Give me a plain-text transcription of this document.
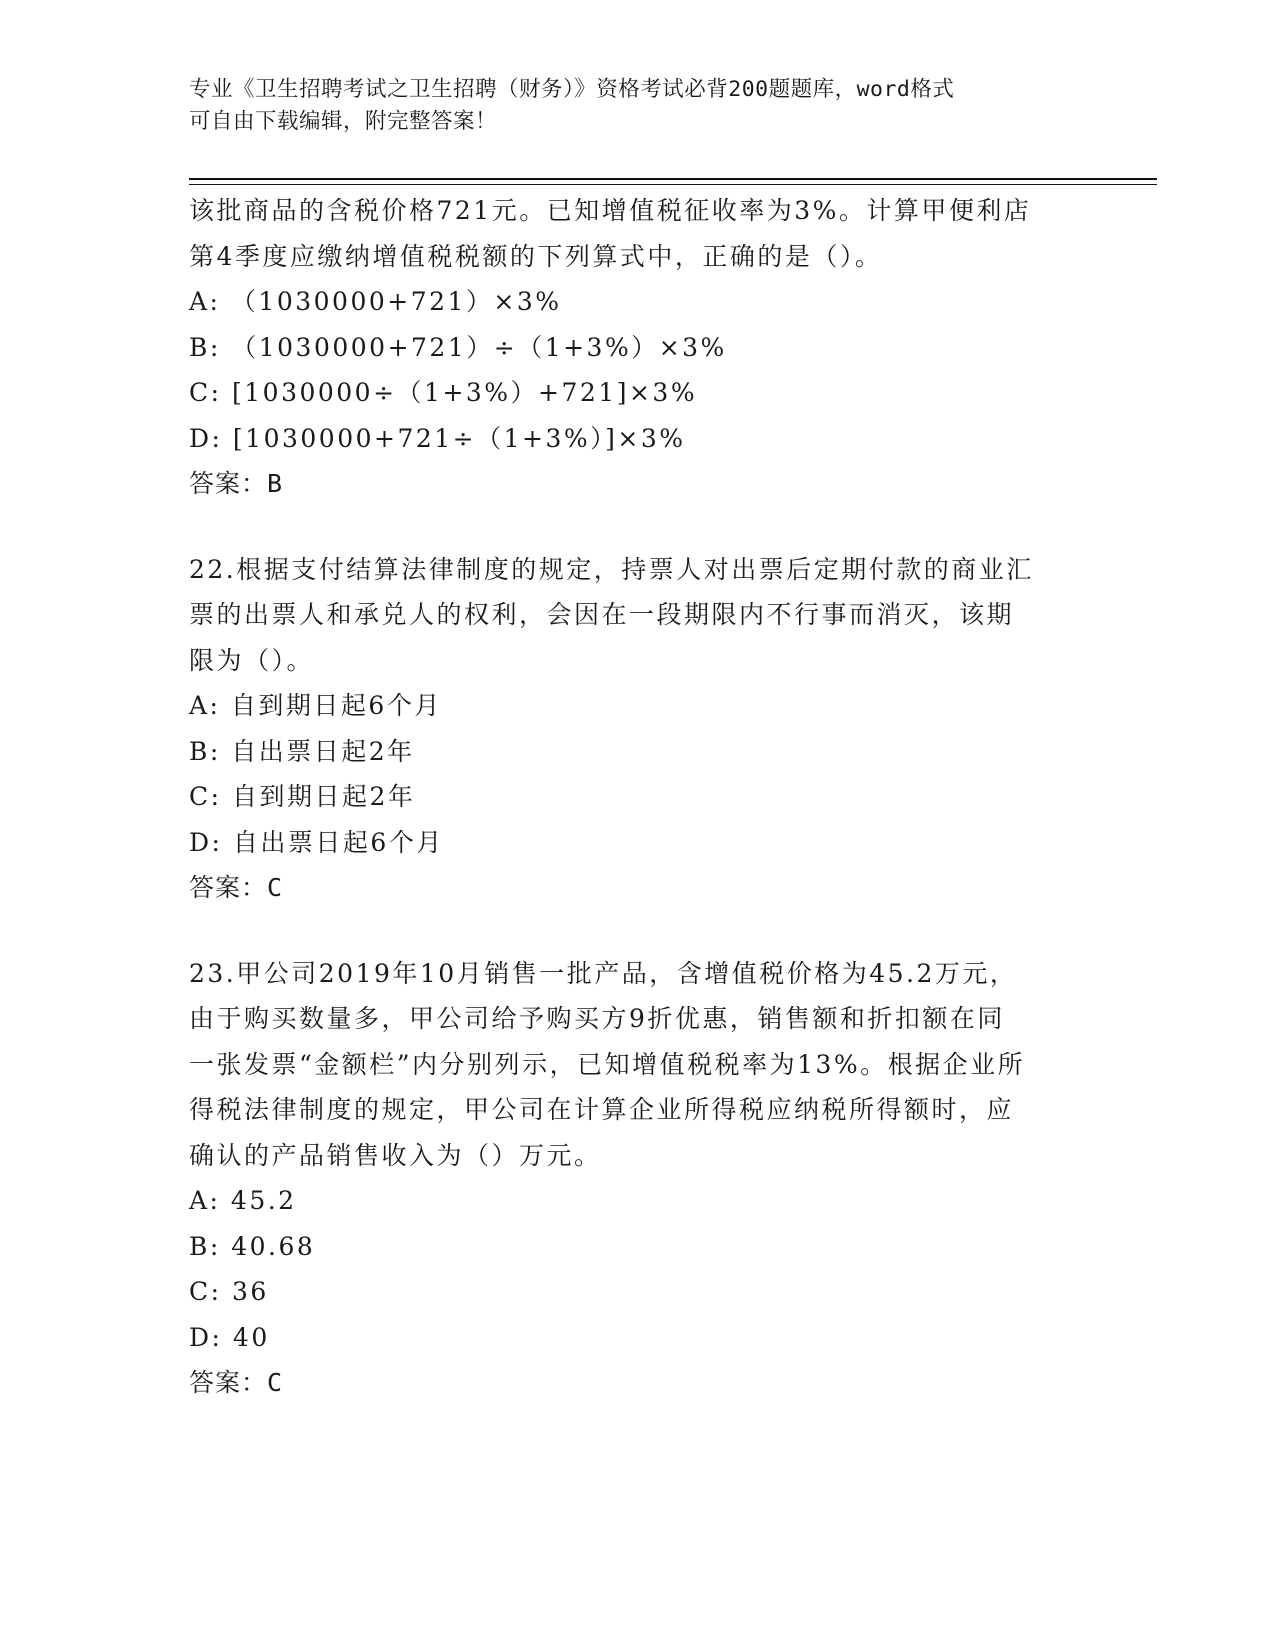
专业《卫生招聘考试之卫生招聘（财务）》资格考试必背200题题库，word格式
可自由下载编辑，附完整答案！
该批商品的含税价格721元。已知增值税征收率为3%。计算甲便利店
第4季度应缴纳增值税税额的下列算式中，正确的是（）。
A: （1030000+721）×3%
B: （1030000+721）÷（1+3%）×3%
C: [1030000÷（1+3%）+721]×3%
D: [1030000+721÷（1+3%）]×3%
答案：B
22.根据支付结算法律制度的规定，持票人对出票后定期付款的商业汇
票的出票人和承兑人的权利，会因在一段期限内不行事而消灭，该期
限为（）。
A: 自到期日起6个月
B: 自出票日起2年
C: 自到期日起2年
D: 自出票日起6个月
答案：C
23.甲公司2019年10月销售一批产品，含增值税价格为45.2万元，
由于购买数量多，甲公司给予购买方9折优惠，销售额和折扣额在同
一张发票“金额栏”内分别列示，已知增值税税率为13%。根据企业所
得税法律制度的规定，甲公司在计算企业所得税应纳税所得额时，应
确认的产品销售收入为（）万元。
A: 45.2
B: 40.68
C: 36
D: 40
答案：C
